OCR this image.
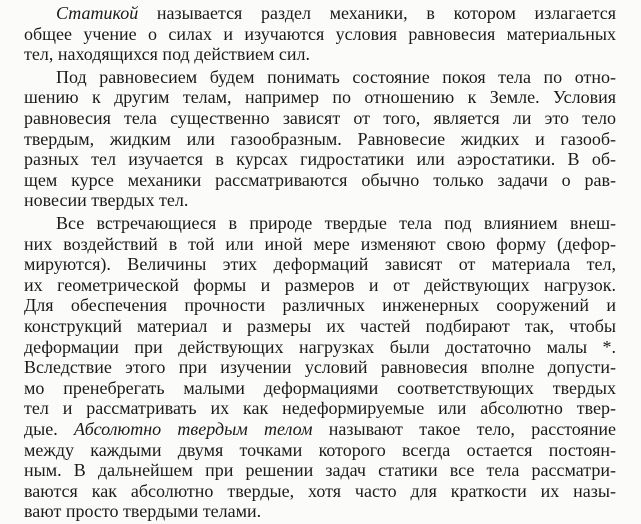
Статикой называется раздел механики, в котором излагается
общее учение о силах и изучаются условия равновесия материальных
тел, находящихся под действием сил.
Под равновесием будем понимать состояние покоя тела по отно-
шению к другим телам, например по отношению к Земле. Условия
равновесия тела существенно зависят от того, является ли это тело
твердым, жидким или газообразным. Равновесие жидких и газооб-
разных тел изучается в курсах гидростатики или аэростатики. В об-
щем курсе механики рассматриваются обычно только задачи о рав-
новесии твердых тел.
Все встречающиеся в природе твердые тела под влиянием внеш-
них воздействий в той или иной мере изменяют свою форму (дефор-
мируются). Величины этих деформаций зависят от материала тел,
их геометрической формы и размеров и от действующих нагрузок.
Для обеспечения прочности различных инженерных сооружений и
конструкций материал и размеры их частей подбирают так, чтобы
деформации при действующих нагрузках были достаточно малы *.
Вследствие этого при изучении условий равновесия вполне допусти-
мо пренебрегать малыми деформациями соответствующих твердых
тел и рассматривать их как недеформируемые или абсолютно твер-
дые. Абсолютно твердым телом называют такое тело, расстояние
между каждыми двумя точками которого всегда остается постоян-
ным. В дальнейшем при решении задач статики все тела рассматри-
ваются как абсолютно твердые, хотя часто для краткости их назы-
вают просто твердыми телами.
